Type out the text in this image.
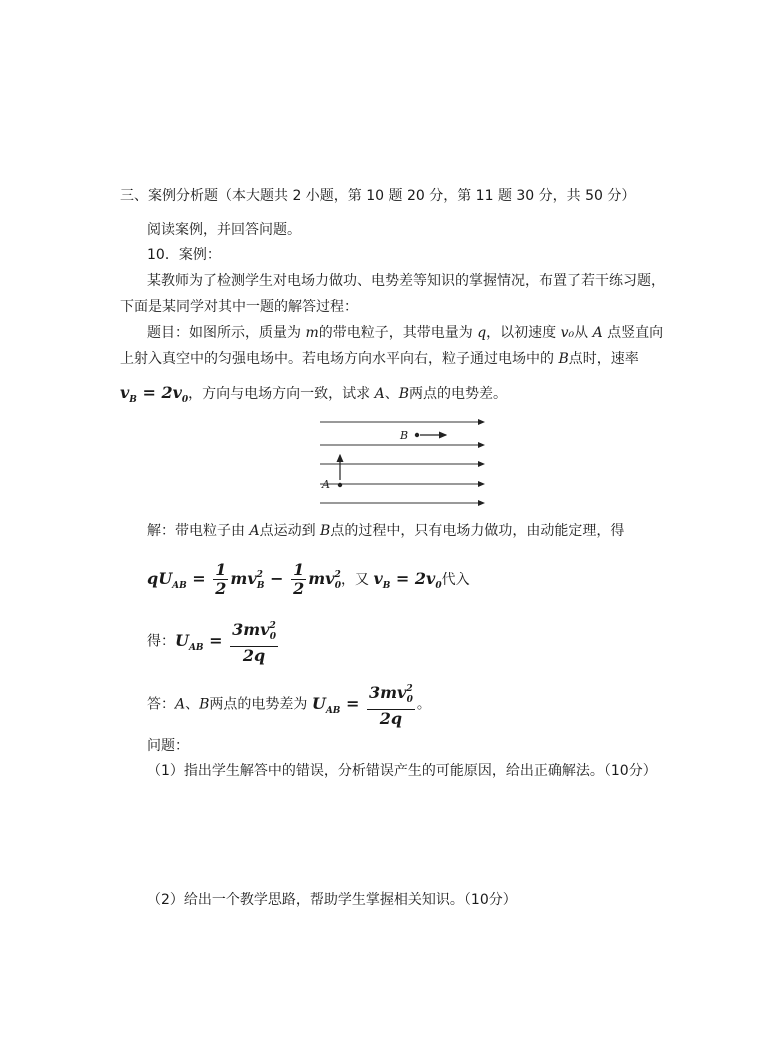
三、案例分析题（本大题共 2 小题，第 10 题 20 分，第 11 题 30 分，共 50 分）
阅读案例，并回答问题。
10．案例：
某教师为了检测学生对电场力做功、电势差等知识的掌握情况，布置了若干练习题，
下面是某同学对其中一题的解答过程：
题目：如图所示，质量为 m的带电粒子，其带电量为 q，以初速度 v₀从 A 点竖直向
上射入真空中的匀强电场中。若电场方向水平向右，粒子通过电场中的 B点时，速率
$v_B = 2v_0$，方向与电场方向一致，试求 A、B两点的电势差。
B
A
解：带电粒子由 A点运动到 B点的过程中，只有电场力做功，由动能定理，得
$qU_{AB} = \frac{1}{2} mv^2_B - \frac{1}{2} mv^2_0$，又 $v_B = 2v_0$代入
得：$U_{AB} = \frac{3mv^2_0}{2q}$
答：A、B两点的电势差为 $U_{AB} = \frac{3mv^2_0}{2q}$ 。
问题：
（1）指出学生解答中的错误，分析错误产生的可能原因，给出正确解法。（10分）
（2）给出一个教学思路，帮助学生掌握相关知识。（10分）
